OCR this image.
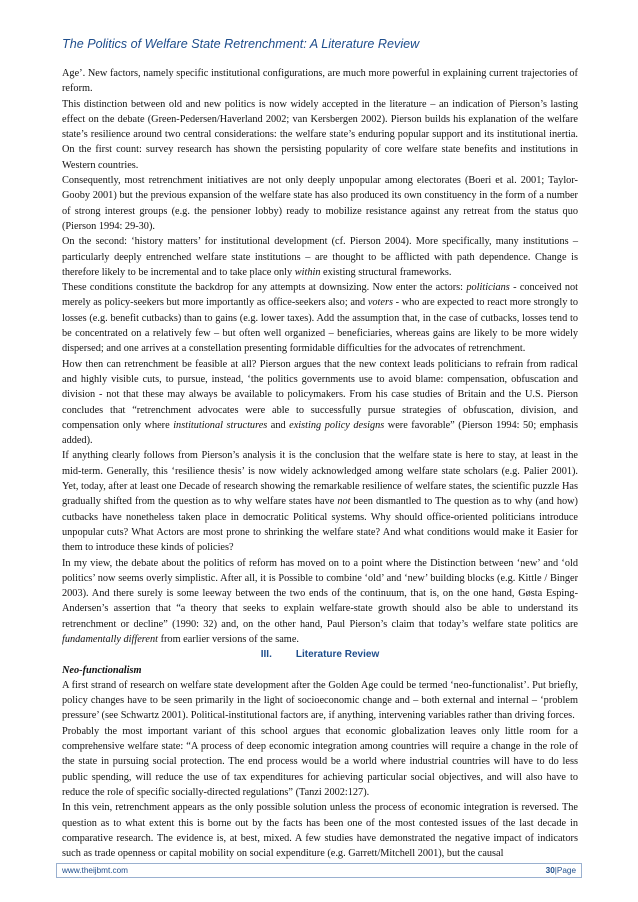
The Politics of Welfare State Retrenchment: A Literature Review

Age’. New factors, namely specific institutional configurations, are much more powerful in explaining current trajectories of reform.

This distinction between old and new politics is now widely accepted in the literature – an indication of Pierson’s lasting effect on the debate (Green-Pedersen/Haverland 2002; van Kersbergen 2002). Pierson builds his explanation of the welfare state’s resilience around two central considerations: the welfare state’s enduring popular support and its institutional inertia. On the first count: survey research has shown the persisting popularity of core welfare state benefits and institutions in Western countries.

Consequently, most retrenchment initiatives are not only deeply unpopular among electorates (Boeri et al. 2001; Taylor-Gooby 2001) but the previous expansion of the welfare state has also produced its own constituency in the form of a number of strong interest groups (e.g. the pensioner lobby) ready to mobilize resistance against any retreat from the status quo (Pierson 1994: 29-30).

On the second: ‘history matters’ for institutional development (cf. Pierson 2004). More specifically, many institutions – particularly deeply entrenched welfare state institutions – are thought to be afflicted with path dependence. Change is therefore likely to be incremental and to take place only within existing structural frameworks.

These conditions constitute the backdrop for any attempts at downsizing. Now enter the actors: politicians - conceived not merely as policy-seekers but more importantly as office-seekers also; and voters - who are expected to react more strongly to losses (e.g. benefit cutbacks) than to gains (e.g. lower taxes). Add the assumption that, in the case of cutbacks, losses tend to be concentrated on a relatively few – but often well organized – beneficiaries, whereas gains are likely to be more widely dispersed; and one arrives at a constellation presenting formidable difficulties for the advocates of retrenchment.

How then can retrenchment be feasible at all? Pierson argues that the new context leads politicians to refrain from radical and highly visible cuts, to pursue, instead, ‘the politics governments use to avoid blame: compensation, obfuscation and division - not that these may always be available to policymakers. From his case studies of Britain and the U.S. Pierson concludes that “retrenchment advocates were able to successfully pursue strategies of obfuscation, division, and compensation only where institutional structures and existing policy designs were favorable” (Pierson 1994: 50; emphasis added).

If anything clearly follows from Pierson’s analysis it is the conclusion that the welfare state is here to stay, at least in the mid-term. Generally, this ‘resilience thesis’ is now widely acknowledged among welfare state scholars (e.g. Palier 2001). Yet, today, after at least one Decade of research showing the remarkable resilience of welfare states, the scientific puzzle Has gradually shifted from the question as to why welfare states have not been dismantled to The question as to why (and how) cutbacks have nonetheless taken place in democratic Political systems. Why should office-oriented politicians introduce unpopular cuts? What Actors are most prone to shrinking the welfare state? And what conditions would make it Easier for them to introduce these kinds of policies?

In my view, the debate about the politics of reform has moved on to a point where the Distinction between ‘new’ and ‘old politics’ now seems overly simplistic. After all, it is Possible to combine ‘old’ and ‘new’ building blocks (e.g. Kittle / Binger 2003). And there surely is some leeway between the two ends of the continuum, that is, on the one hand, Gøsta Esping-Andersen’s assertion that “a theory that seeks to explain welfare-state growth should also be able to understand its retrenchment or decline” (1990: 32) and, on the other hand, Paul Pierson’s claim that today’s welfare state politics are fundamentally different from earlier versions of the same.

III. Literature Review

Neo-functionalism

A first strand of research on welfare state development after the Golden Age could be termed ‘neo-functionalist’. Put briefly, policy changes have to be seen primarily in the light of socioeconomic change and – both external and internal – ‘problem pressure’ (see Schwartz 2001). Political-institutional factors are, if anything, intervening variables rather than driving forces.

Probably the most important variant of this school argues that economic globalization leaves only little room for a comprehensive welfare state: “A process of deep economic integration among countries will require a change in the role of the state in pursuing social protection. The end process would be a world where industrial countries will have to do less public spending, will reduce the use of tax expenditures for achieving particular social objectives, and will also have to reduce the role of specific socially-directed regulations” (Tanzi 2002:127).

In this vein, retrenchment appears as the only possible solution unless the process of economic integration is reversed. The question as to what extent this is borne out by the facts has been one of the most contested issues of the last decade in comparative research. The evidence is, at best, mixed. A few studies have demonstrated the negative impact of indicators such as trade openness or capital mobility on social expenditure (e.g. Garrett/Mitchell 2001), but the causal

www.theijbmt.com	30|Page
